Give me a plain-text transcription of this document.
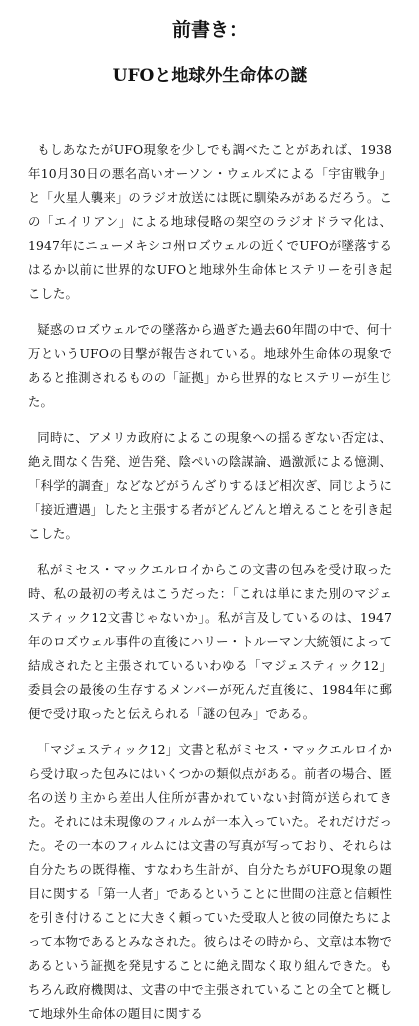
前書き：
UFOと地球外生命体の謎

もしあなたがUFO現象を少しでも調べたことがあれば、1938年10月30日の悪名高いオーソン・ウェルズによる「宇宙戦争」と「火星人襲来」のラジオ放送には既に馴染みがあるだろう。この「エイリアン」による地球侵略の架空のラジオドラマ化は、1947年にニューメキシコ州ロズウェルの近くでUFOが墜落するはるか以前に世界的なUFOと地球外生命体ヒステリーを引き起こした。

疑惑のロズウェルでの墜落から過ぎた過去60年間の中で、何十万というUFOの目撃が報告されている。地球外生命体の現象であると推測されるものの「証拠」から世界的なヒステリーが生じた。

同時に、アメリカ政府によるこの現象への揺るぎない否定は、絶え間なく告発、逆告発、陰ぺいの陰謀論、過激派による憶測、「科学的調査」などなどがうんざりするほど相次ぎ、同じように「接近遭遇」したと主張する者がどんどんと増えることを引き起こした。

私がミセス・マックエルロイからこの文書の包みを受け取った時、私の最初の考えはこうだった：「これは単にまた別のマジェスティック12文書じゃないか」。私が言及しているのは、1947年のロズウェル事件の直後にハリー・トルーマン大統領によって結成されたと主張されているいわゆる「マジェスティック12」委員会の最後の生存するメンバーが死んだ直後に、1984年に郵便で受け取ったと伝えられる「謎の包み」である。

「マジェスティック12」文書と私がミセス・マックエルロイから受け取った包みにはいくつかの類似点がある。前者の場合、匿名の送り主から差出人住所が書かれていない封筒が送られてきた。それには未現像のフィルムが一本入っていた。それだけだった。その一本のフィルムには文書の写真が写っており、それらは自分たちの既得権、すなわち生計が、自分たちがUFO現象の題目に関する「第一人者」であるということに世間の注意と信頼性を引き付けることに大きく頼っていた受取人と彼の同僚たちによって本物であるとみなされた。彼らはその時から、文章は本物であるという証拠を発見することに絶え間なく取り組んできた。もちろん政府機関は、文書の中で主張されていることの全てと概して地球外生命体の題目に関する
